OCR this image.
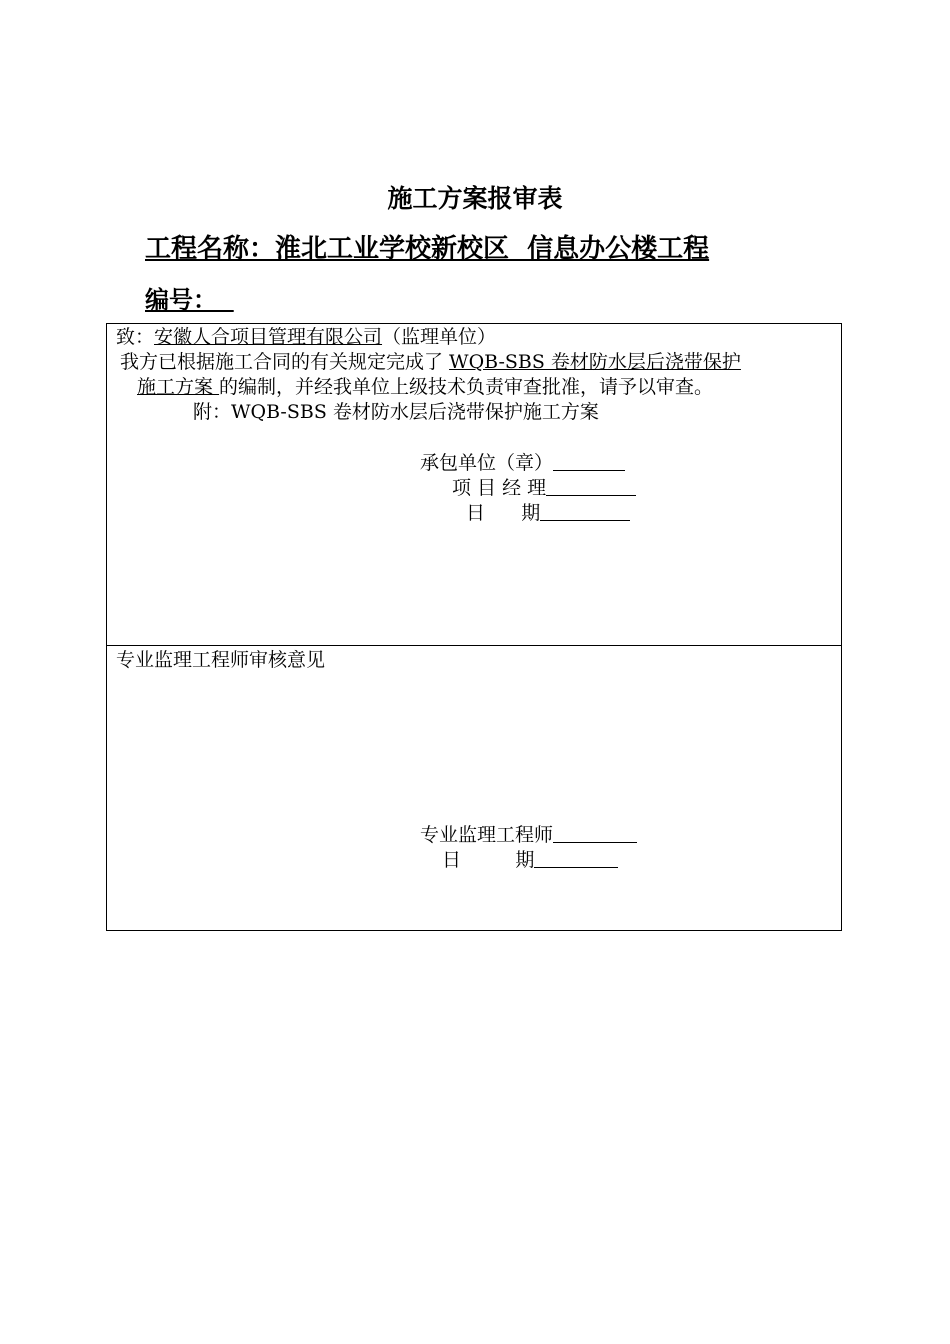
施工方案报审表
工程名称：淮北工业学校新校区  信息办公楼工程
编号：
致：安徽人合项目管理有限公司（监理单位）
我方已根据施工合同的有关规定完成了 WQB-SBS 卷材防水层后浇带保护
施工方案 的编制，并经我单位上级技术负责审查批准，请予以审查。
附：WQB-SBS 卷材防水层后浇带保护施工方案
承包单位（章）
项 目 经 理
日      期
专业监理工程师审核意见
专业监理工程师
日         期
